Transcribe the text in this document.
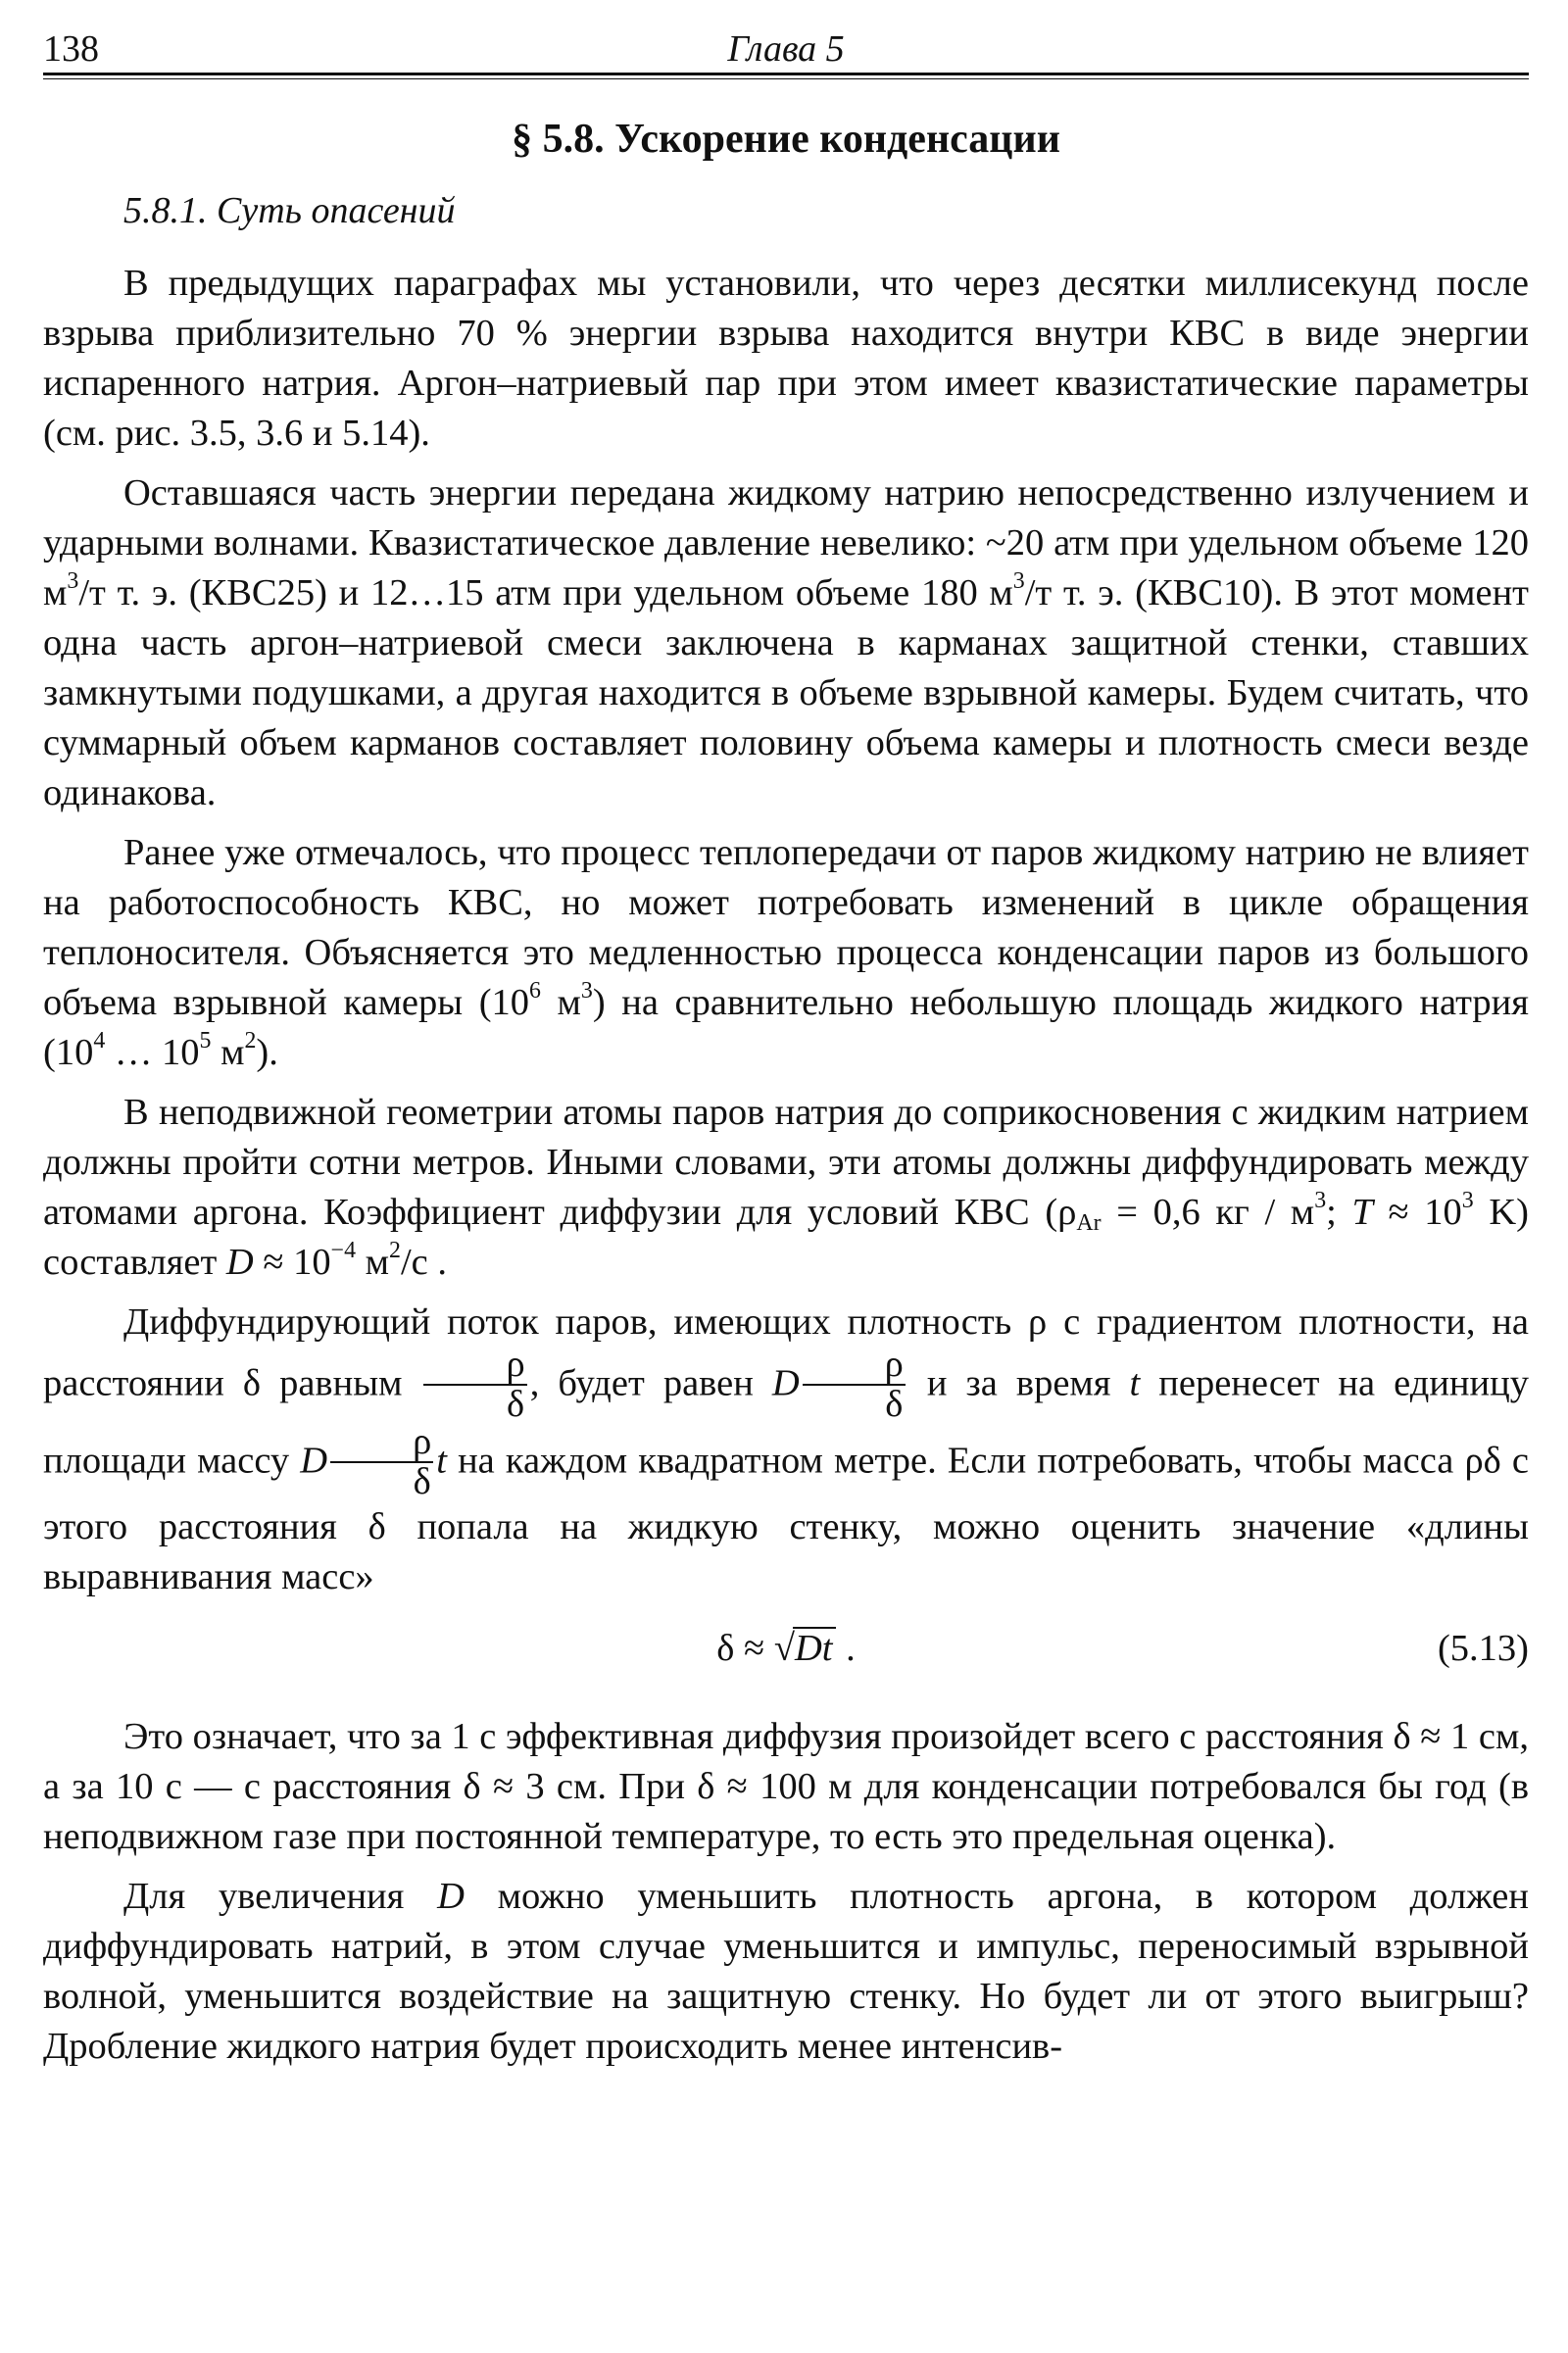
138	Глава 5
§ 5.8. Ускорение конденсации
5.8.1. Суть опасений

В предыдущих параграфах мы установили, что через десятки миллисекунд после взрыва приблизительно 70 % энергии взрыва находится внутри КВС в виде энергии испаренного натрия. Аргон–натриевый пар при этом имеет квазистатические параметры (см. рис. 3.5, 3.6 и 5.14).

Оставшаяся часть энергии передана жидкому натрию непосредственно излучением и ударными волнами. Квазистатическое давление невелико: ~20 атм при удельном объеме 120 $м^3/т$ т. э. (КВС25) и 12…15 атм при удельном объеме 180 $м^3/т$ т. э. (КВС10). В этот момент одна часть аргон–натриевой смеси заключена в карманах защитной стенки, ставших замкнутыми подушками, а другая находится в объеме взрывной камеры. Будем считать, что суммарный объем карманов составляет половину объема камеры и плотность смеси везде одинакова.

Ранее уже отмечалось, что процесс теплопередачи от паров жидкому натрию не влияет на работоспособность КВС, но может потребовать изменений в цикле обращения теплоносителя. Объясняется это медленностью процесса конденсации паров из большого объема взрывной камеры ($10^6$ $м^3$) на сравнительно небольшую площадь жидкого натрия ($10^4$ … $10^5$ $м^2$).

В неподвижной геометрии атомы паров натрия до соприкосновения с жидким натрием должны пройти сотни метров. Иными словами, эти атомы должны диффундировать между атомами аргона. Коэффициент диффузии для условий КВС ($\rho_{Ar} = 0,6$ кг / $м^3$; $T \approx 10^3$ K) составляет $D \approx 10^{-4}$ $м^2/с$ .

Диффундирующий поток паров, имеющих плотность ρ с градиентом плотности, на расстоянии δ равным $\frac{\rho}{\delta}$ , будет равен D $\frac{\rho}{\delta}$ и за время t перенесет на единицу площади массу D $\frac{\rho}{\delta}$ t на каждом квадратном метре. Если потребовать, чтобы масса ρδ с этого расстояния δ попала на жидкую стенку, можно оценить значение «длины выравнивания масс»

δ ≈ √Dt .	(5.13)

Это означает, что за 1 с эффективная диффузия произойдет всего с расстояния δ ≈ 1 см, а за 10 с — с расстояния δ ≈ 3 см. При δ ≈ 100 м для конденсации потребовался бы год (в неподвижном газе при постоянной температуре, то есть это предельная оценка).

Для увеличения D можно уменьшить плотность аргона, в котором должен диффундировать натрий, в этом случае уменьшится и импульс, переносимый взрывной волной, уменьшится воздействие на защитную стенку. Но будет ли от этого выигрыш? Дробление жидкого натрия будет происходить менее интенсив-
